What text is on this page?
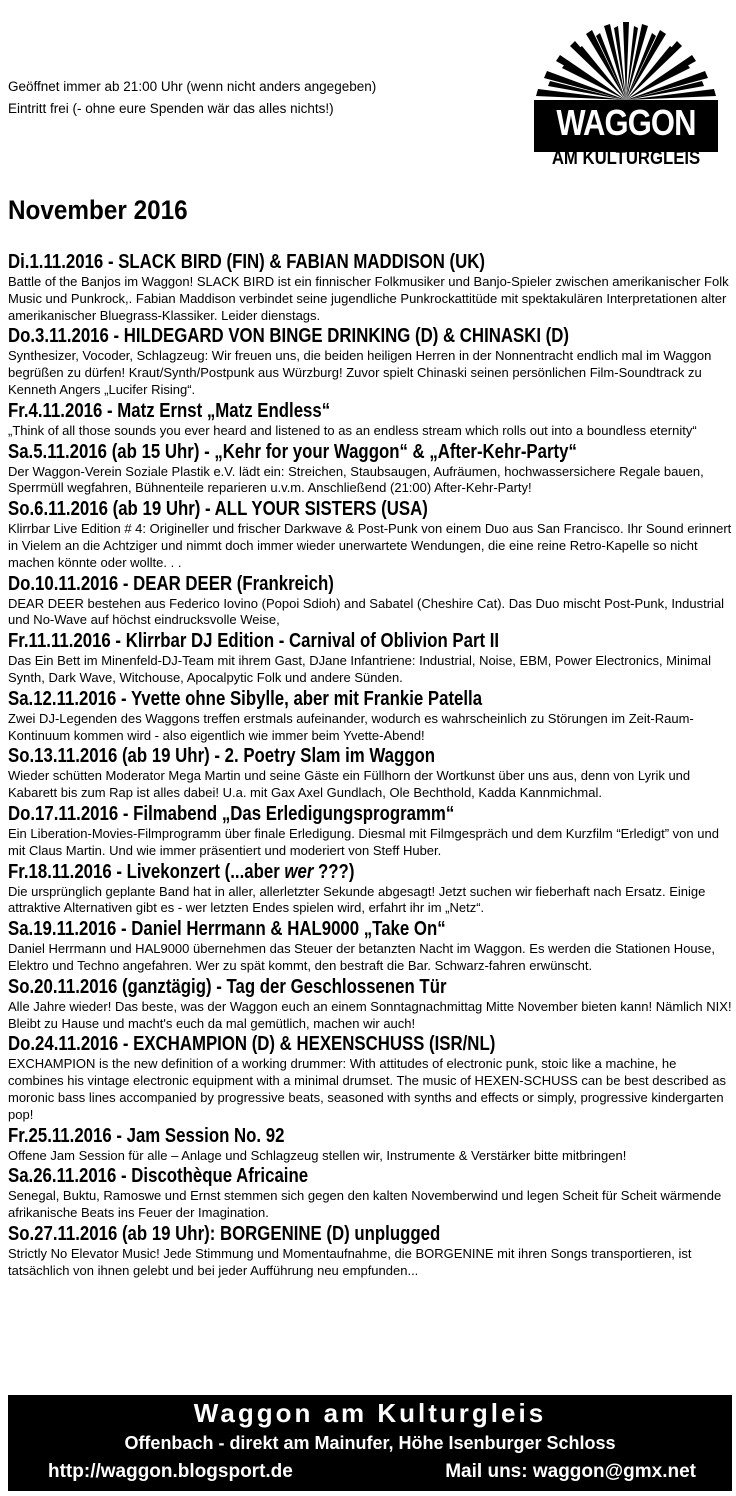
Geöffnet immer ab 21:00 Uhr (wenn nicht anders angegeben)
Eintritt frei (- ohne eure Spenden wär das alles nichts!)	WAGGON
AM KULTURGLEIS
November 2016
Di.1.11.2016 - SLACK BIRD (FIN) & FABIAN MADDISON (UK)

Battle of the Banjos im Waggon! SLACK BIRD ist ein finnischer Folkmusiker und Banjo-Spieler zwischen amerikanischer Folk Music und Punkrock,. Fabian Maddison verbindet seine jugendliche Punkrockattitüde mit spektakulären Interpretationen alter amerikanischer Bluegrass-Klassiker. Leider dienstags.

Do.3.11.2016 - HILDEGARD VON BINGE DRINKING (D) & CHINASKI (D)

Synthesizer, Vocoder, Schlagzeug: Wir freuen uns, die beiden heiligen Herren in der Nonnentracht endlich mal im Waggon begrüßen zu dürfen! Kraut/Synth/Postpunk aus Würzburg! Zuvor spielt Chinaski seinen persönlichen Film-Soundtrack zu Kenneth Angers „Lucifer Rising“.

Fr.4.11.2016 - Matz Ernst „Matz Endless“

„Think of all those sounds you ever heard and listened to as an endless stream which rolls out into a boundless eternity“

Sa.5.11.2016 (ab 15 Uhr) - „Kehr for your Waggon“ & „After-Kehr-Party“

Der Waggon-Verein Soziale Plastik e.V. lädt ein: Streichen, Staubsaugen, Aufräumen, hochwassersichere Regale bauen, Sperrmüll wegfahren, Bühnenteile reparieren u.v.m. Anschließend (21:00) After-Kehr-Party!

So.6.11.2016 (ab 19 Uhr) - ALL YOUR SISTERS (USA)

Klirrbar Live Edition # 4: Origineller und frischer Darkwave & Post-Punk von einem Duo aus San Francisco. Ihr Sound erinnert in Vielem an die Achtziger und nimmt doch immer wieder unerwartete Wendungen, die eine reine Retro-Kapelle so nicht machen könnte oder wollte. . .

Do.10.11.2016 - DEAR DEER (Frankreich)

DEAR DEER bestehen aus Federico Iovino (Popoi Sdioh) and Sabatel (Cheshire Cat). Das Duo mischt Post-Punk, Industrial und No-Wave auf höchst eindrucksvolle Weise,

Fr.11.11.2016 - Klirrbar DJ Edition - Carnival of Oblivion Part II

Das Ein Bett im Minenfeld-DJ-Team mit ihrem Gast, DJane Infantriene: Industrial, Noise, EBM, Power Electronics, Minimal Synth, Dark Wave, Witchouse, Apocalpytic Folk und andere Sünden.

Sa.12.11.2016 - Yvette ohne Sibylle, aber mit Frankie Patella

Zwei DJ-Legenden des Waggons treffen erstmals aufeinander, wodurch es wahrscheinlich zu Störungen im Zeit-Raum-Kontinuum kommen wird - also eigentlich wie immer beim Yvette-Abend!

So.13.11.2016 (ab 19 Uhr) - 2. Poetry Slam im Waggon

Wieder schütten Moderator Mega Martin und seine Gäste ein Füllhorn der Wortkunst über uns aus, denn von Lyrik und Kabarett bis zum Rap ist alles dabei! U.a. mit Gax Axel Gundlach, Ole Bechthold, Kadda Kannmichmal.

Do.17.11.2016 - Filmabend „Das Erledigungsprogramm“

Ein Liberation-Movies-Filmprogramm über finale Erledigung. Diesmal mit Filmgespräch und dem Kurzfilm “Erledigt” von und mit Claus Martin. Und wie immer präsentiert und moderiert von Steff Huber.

Fr.18.11.2016 - Livekonzert (...aber wer ???)

Die ursprünglich geplante Band hat in aller, allerletzter Sekunde abgesagt! Jetzt suchen wir fieberhaft nach Ersatz. Einige attraktive Alternativen gibt es - wer letzten Endes spielen wird, erfahrt ihr im „Netz“.

Sa.19.11.2016 - Daniel Herrmann & HAL9000 „Take On“

Daniel Herrmann und HAL9000 übernehmen das Steuer der betanzten Nacht im Waggon. Es werden die Stationen House, Elektro und Techno angefahren. Wer zu spät kommt, den bestraft die Bar. Schwarz-fahren erwünscht.

So.20.11.2016 (ganztägig) - Tag der Geschlossenen Tür

Alle Jahre wieder! Das beste, was der Waggon euch an einem Sonntagnachmittag Mitte November bieten kann! Nämlich NIX! Bleibt zu Hause und macht's euch da mal gemütlich, machen wir auch!

Do.24.11.2016 - EXCHAMPION (D) & HEXENSCHUSS (ISR/NL)

EXCHAMPION is the new definition of a working drummer: With attitudes of electronic punk, stoic like a machine, he combines his vintage electronic equipment with a minimal drumset. The music of HEXEN-SCHUSS can be best described as moronic bass lines accompanied by progressive beats, seasoned with synths and effects or simply, progressive kindergarten pop!

Fr.25.11.2016 - Jam Session No. 92

Offene Jam Session für alle – Anlage und Schlagzeug stellen wir, Instrumente & Verstärker bitte mitbringen!

Sa.26.11.2016 - Discothèque Africaine

Senegal, Buktu, Ramoswe und Ernst stemmen sich gegen den kalten Novemberwind und legen Scheit für Scheit wärmende afrikanische Beats ins Feuer der Imagination.

So.27.11.2016 (ab 19 Uhr): BORGENINE (D) unplugged

Strictly No Elevator Music! Jede Stimmung und Momentaufnahme, die BORGENINE mit ihren Songs transportieren, ist tatsächlich von ihnen gelebt und bei jeder Aufführung neu empfunden...

Waggon am Kulturgleis
Offenbach - direkt am Mainufer, Höhe Isenburger Schloss
http://waggon.blogsport.de	Mail uns: waggon@gmx.net
